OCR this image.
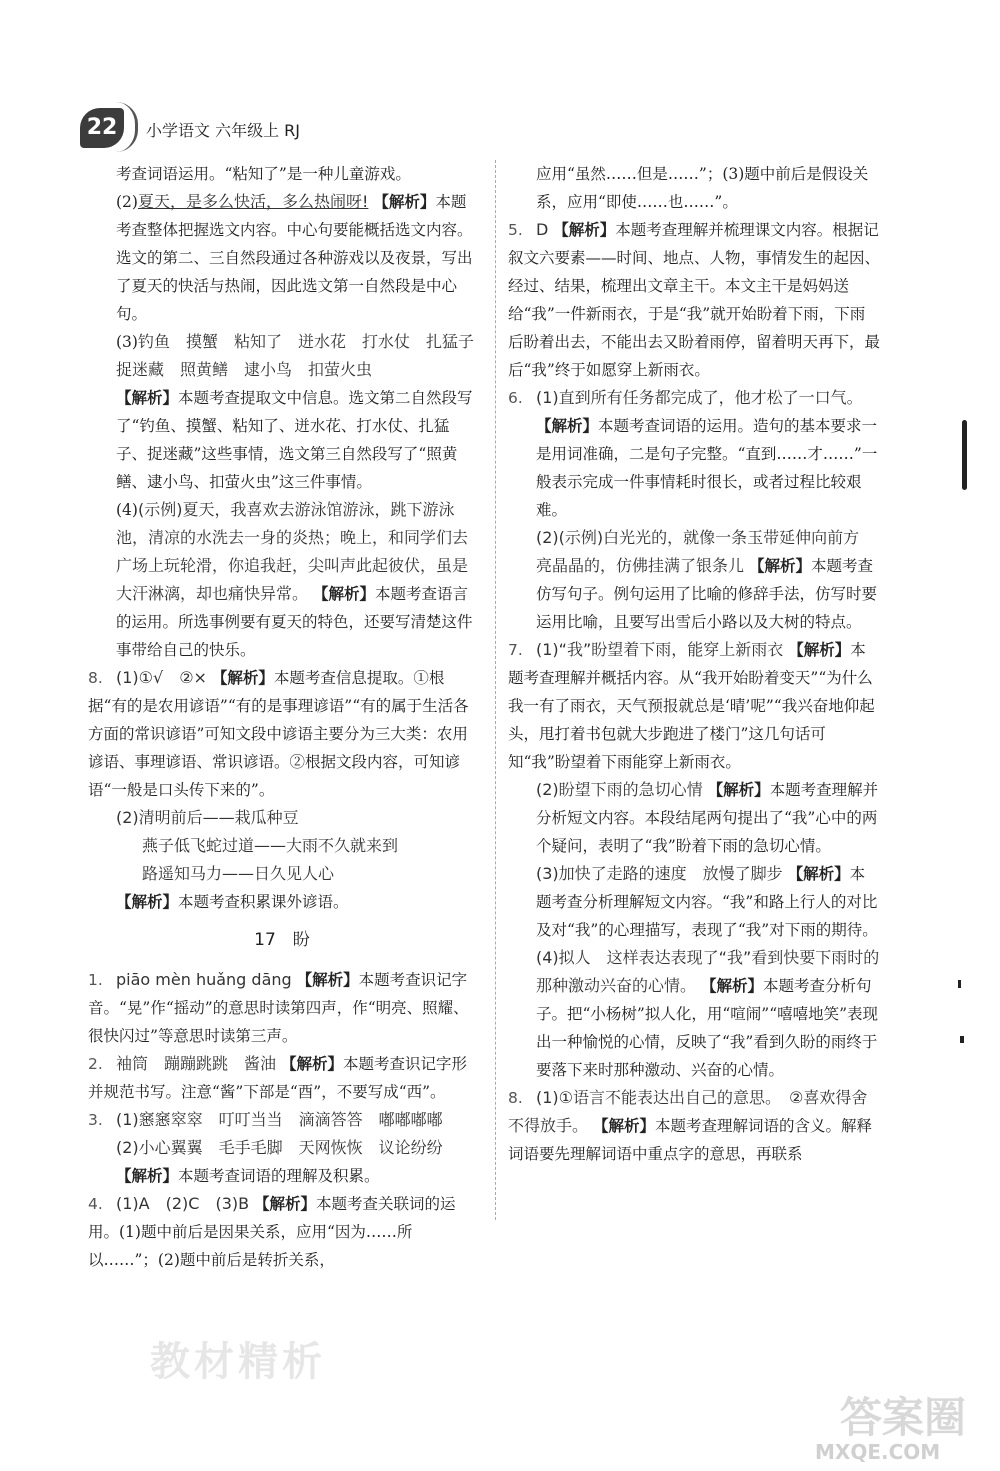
22	小学语文 六年级上 RJ

考查词语运用。“粘知了”是一种儿童游戏。

(2)夏天，是多么快活，多么热闹呀! 【解析】本题考查整体把握选文内容。中心句要能概括选文内容。选文的第二、三自然段通过各种游戏以及夜景，写出了夏天的快活与热闹，因此选文第一自然段是中心句。

(3)钓鱼　摸蟹　粘知了　迸水花　打水仗　扎猛子　捉迷藏　照黄鳝　逮小鸟　扣萤火虫

【解析】本题考查提取文中信息。选文第二自然段写了“钓鱼、摸蟹、粘知了、迸水花、打水仗、扎猛子、捉迷藏”这些事情，选文第三自然段写了“照黄鳝、逮小鸟、扣萤火虫”这三件事情。

(4)(示例)夏天，我喜欢去游泳馆游泳，跳下游泳池，清凉的水洗去一身的炎热；晚上，和同学们去广场上玩轮滑，你追我赶，尖叫声此起彼伏，虽是大汗淋漓，却也痛快异常。 【解析】本题考查语言的运用。所选事例要有夏天的特色，还要写清楚这件事带给自己的快乐。

8. (1)①√　②× 【解析】本题考查信息提取。①根据“有的是农用谚语”“有的是事理谚语”“有的属于生活各方面的常识谚语”可知文段中谚语主要分为三大类：农用谚语、事理谚语、常识谚语。②根据文段内容，可知谚语“一般是口头传下来的”。

(2)清明前后——栽瓜种豆

燕子低飞蛇过道——大雨不久就来到

路遥知马力——日久见人心

【解析】本题考查积累课外谚语。

17　盼

1. piāo mèn huǎng dāng 【解析】本题考查识记字音。“晃”作“摇动”的意思时读第四声，作“明亮、照耀、很快闪过”等意思时读第三声。

2. 袖筒　蹦蹦跳跳　酱油 【解析】本题考查识记字形并规范书写。注意“酱”下部是“酉”，不要写成“西”。

3. (1)窸窸窣窣　叮叮当当　滴滴答答　嘟嘟嘟嘟

(2)小心翼翼　毛手毛脚　天网恢恢　议论纷纷

【解析】本题考查词语的理解及积累。

4. (1)A　(2)C　(3)B 【解析】本题考查关联词的运用。(1)题中前后是因果关系，应用“因为……所以……”；(2)题中前后是转折关系，

应用“虽然……但是……”；(3)题中前后是假设关系，应用“即使……也……”。

5. D 【解析】本题考查理解并梳理课文内容。根据记叙文六要素——时间、地点、人物，事情发生的起因、经过、结果，梳理出文章主干。本文主干是妈妈送给“我”一件新雨衣，于是“我”就开始盼着下雨，下雨后盼着出去，不能出去又盼着雨停，留着明天再下，最后“我”终于如愿穿上新雨衣。

6. (1)直到所有任务都完成了，他才松了一口气。

【解析】本题考查词语的运用。造句的基本要求一是用词准确，二是句子完整。“直到……才……”一般表示完成一件事情耗时很长，或者过程比较艰难。

(2)(示例)白光光的，就像一条玉带延伸向前方 亮晶晶的，仿佛挂满了银条儿 【解析】本题考查仿写句子。例句运用了比喻的修辞手法，仿写时要运用比喻，且要写出雪后小路以及大树的特点。

7. (1)“我”盼望着下雨，能穿上新雨衣 【解析】本题考查理解并概括内容。从“我开始盼着变天”“为什么我一有了雨衣，天气预报就总是‘晴’呢”“我兴奋地仰起头，甩打着书包就大步跑进了楼门”这几句话可知“我”盼望着下雨能穿上新雨衣。

(2)盼望下雨的急切心情 【解析】本题考查理解并分析短文内容。本段结尾两句提出了“我”心中的两个疑问，表明了“我”盼着下雨的急切心情。

(3)加快了走路的速度　放慢了脚步 【解析】本题考查分析理解短文内容。“我”和路上行人的对比及对“我”的心理描写，表现了“我”对下雨的期待。

(4)拟人　这样表达表现了“我”看到快要下雨时的那种激动兴奋的心情。 【解析】本题考查分析句子。把“小杨树”拟人化，用“喧闹”“嘻嘻地笑”表现出一种愉悦的心情，反映了“我”看到久盼的雨终于要落下来时那种激动、兴奋的心情。

8. (1)①语言不能表达出自己的意思。　②喜欢得舍不得放手。 【解析】本题考查理解词语的含义。解释词语要先理解词语中重点字的意思，再联系

教材精析
答案圈
MXQE.COM
